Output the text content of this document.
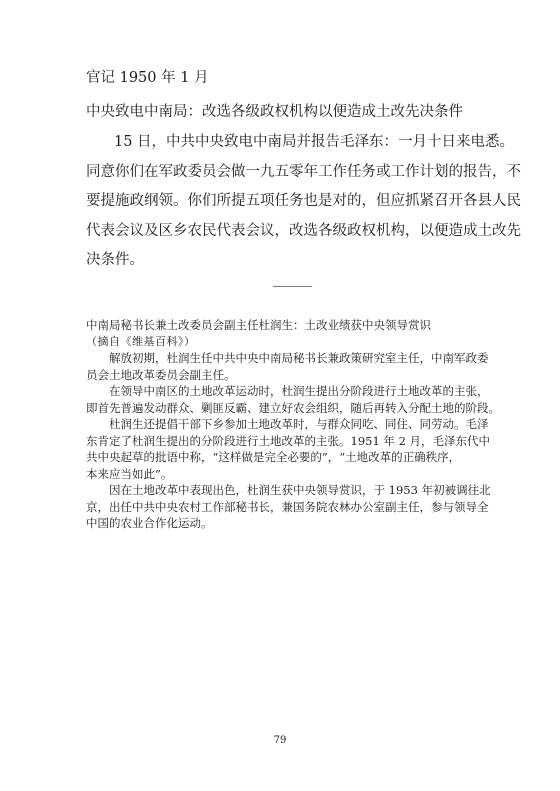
官记 1950 年 1 月
中央致电中南局：改选各级政权机构以便造成土改先决条件
15 日，中共中央致电中南局并报告毛泽东：一月十日来电悉。
同意你们在军政委员会做一九五零年工作任务或工作计划的报告，不
要提施政纲领。你们所提五项任务也是对的，但应抓紧召开各县人民
代表会议及区乡农民代表会议，改选各级政权机构，以便造成土改先
决条件。
———————
中南局秘书长兼土改委员会副主任杜润生：土改业绩获中央领导赏识
（摘自《维基百科》）
解放初期，杜润生任中共中央中南局秘书长兼政策研究室主任，中南军政委
员会土地改革委员会副主任。
在领导中南区的土地改革运动时，杜润生提出分阶段进行土地改革的主张，
即首先普遍发动群众、剿匪反霸、建立好农会组织，随后再转入分配土地的阶段。
杜润生还提倡干部下乡参加土地改革时，与群众同吃、同住、同劳动。毛泽
东肯定了杜润生提出的分阶段进行土地改革的主张。1951 年 2 月，毛泽东代中
共中央起草的批语中称，“这样做是完全必要的”，“土地改革的正确秩序，
本来应当如此”。
因在土地改革中表现出色，杜润生获中央领导赏识，于 1953 年初被调往北
京，出任中共中央农村工作部秘书长，兼国务院农林办公室副主任，参与领导全
中国的农业合作化运动。
79
